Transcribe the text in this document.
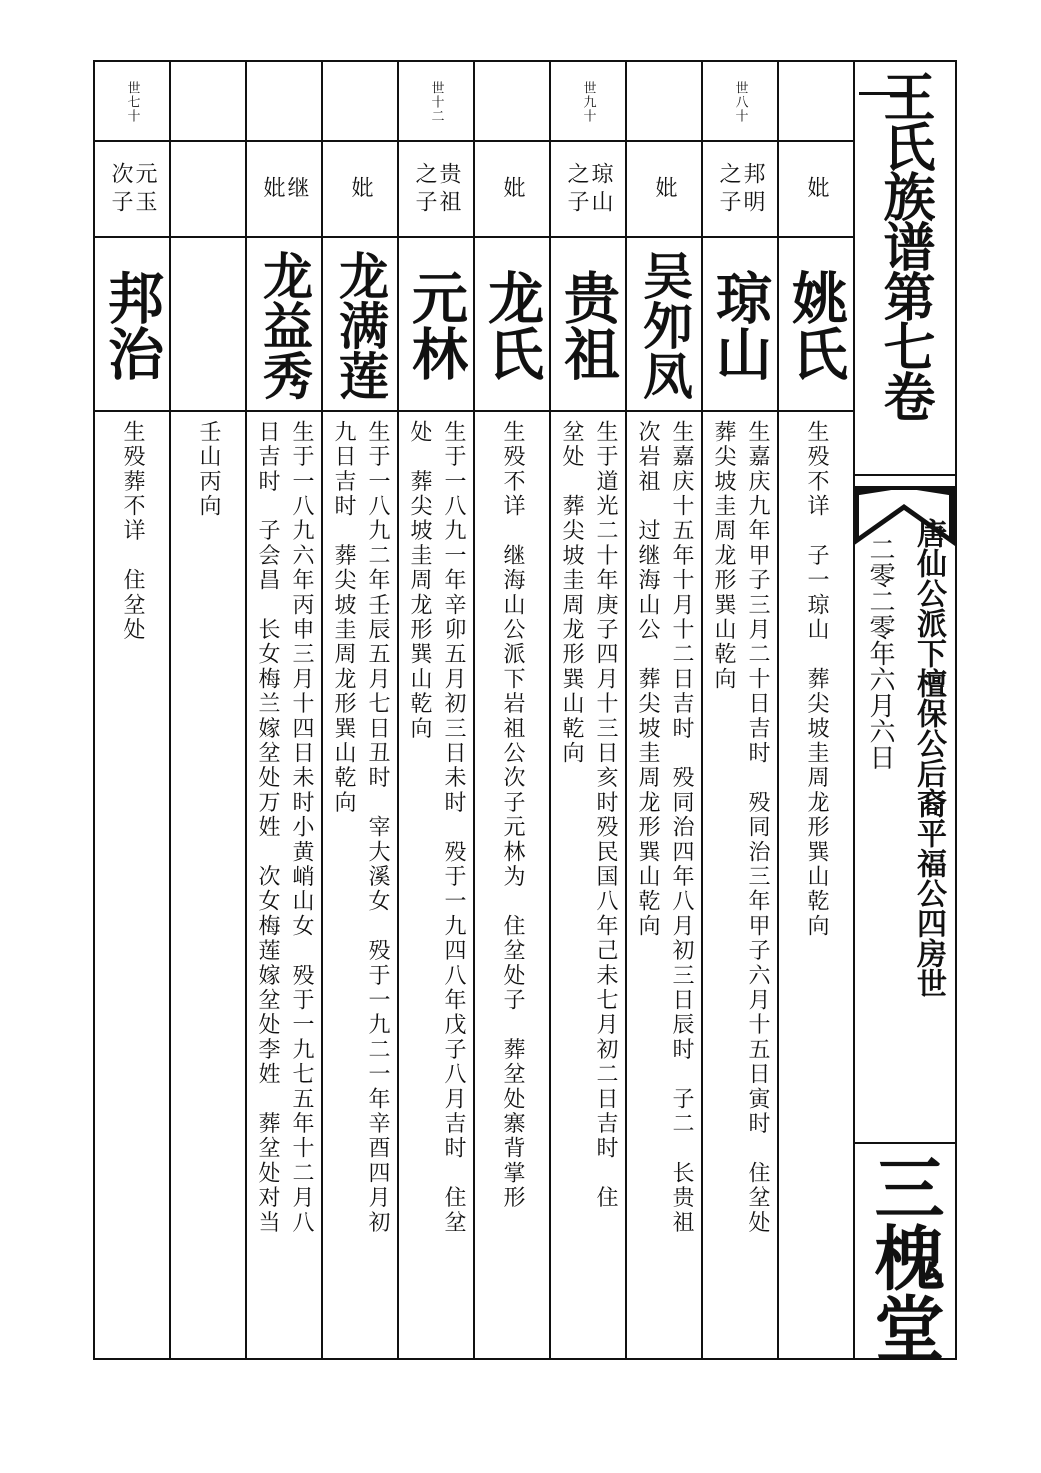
妣
姚氏
生殁不详　子一琼山　葬尖坡圭周龙形巽山乾向
世八十
邦明
之子
琼山
生嘉庆九年甲子三月二十日吉时　殁同治三年甲子六月十五日寅时　住坌处
葬尖坡圭周龙形巽山乾向
妣
吴夘凤
生嘉庆十五年十月十二日吉时　殁同治四年八月初三日辰时　子二　长贵祖
次岩祖　过继海山公　葬尖坡圭周龙形巽山乾向
世九十
琼山
之子
贵祖
生于道光二十年庚子四月十三日亥时殁民国八年己未七月初二日吉时　住
坌处　葬尖坡圭周龙形巽山乾向
妣
龙氏
生殁不详　继海山公派下岩祖公次子元林为　住坌处子　葬坌处寨背掌形
世十二
贵祖
之子
元林
生于一八九一年辛卯五月初三日未时　殁于一九四八年戊子八月吉时　住坌
处　葬尖坡圭周龙形巽山乾向
妣
龙满莲
生于一八九二年壬辰五月七日丑时　宰大溪女　殁于一九二一年辛酉四月初
九日吉时　葬尖坡圭周龙形巽山乾向
继
妣
龙益秀
生于一八九六年丙申三月十四日未时小黄峭山女　殁于一九七五年十二月八
日吉时　子会昌　长女梅兰嫁坌处万姓　次女梅莲嫁坌处李姓　葬坌处对当
壬山丙向
世七十
元玉
次子
邦治
生殁葬不详　住坌处
王氏族谱第七卷
唐仙公派下檀保公后裔平福公四房世
二零二零年六月六日
三槐堂
